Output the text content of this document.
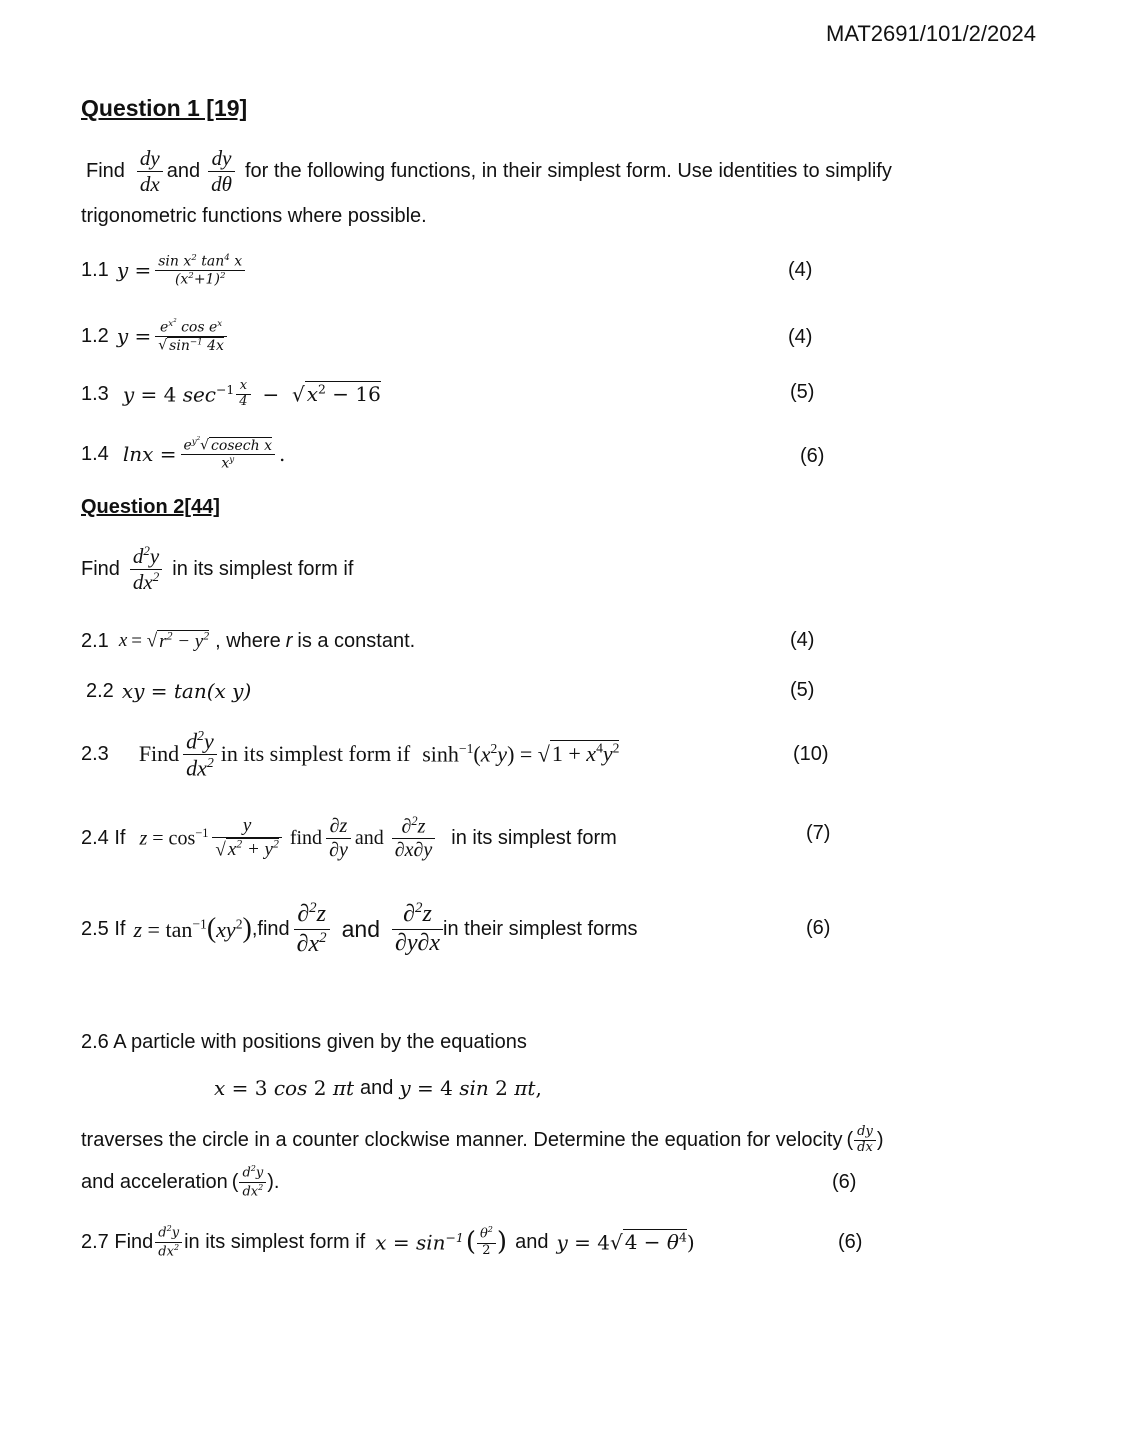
MAT2691/101/2/2024
Question 1 [19]
Find $\frac{dy}{dx}$ and $\frac{dy}{d\theta}$ for the following functions, in their simplest form. Use identities to simplify
trigonometric functions where possible.
1.1 $y = \frac{\sin x^2 \tan^4 x}{(x^2+1)^2}$	(4)
1.2 $y = \frac{e^{x^2} \cos e^x}{√ \sin^{-1} 4x}$	(4)
1.3 y = 4 $\sec^{-1} \frac{x}{4}$ −  √ $x^2 - 16$	(5)
1.4 $\ln x = \frac{e^{y^2}√ cosech x}{x^y}$ .	(6)
Question 2[44]
Find $\frac{d^2y}{dx^2}$ in its simplest form if
2.1 x = √ $r^2 - y^2$ , where r is a constant.	(4)
2.2 xy = tan(x y)	(5)
2.3 Find $\frac{d^2y}{dx^2}$ in its simplest form if $\sinh^{-1}(x^2y) = √1 + x^4y^2$	(10)
2.4 If $z = \cos^{-1} \frac{y}{√ x^2 + y^2}$ find $\frac{\partial z}{\partial y}$ and $\frac{\partial^2z}{\partial x\partial y}$ in its simplest form	(7)
2.5 If $z = \tan^{-1}(xy^2)$ ,find $\frac{\partial^2z}{\partial x^2}$ and $\frac{\partial^2z}{\partial y\partial x}$ in their simplest forms	(6)
2.6 A particle with positions given by the equations
x = 3 cos 2 πt and y = 4 sin 2 πt,
traverses the circle in a counter clockwise manner. Determine the equation for velocity ( $\frac{dy}{dx}$ )
and acceleration ( $\frac{d^2y}{dx^2}$ ).	(6)
2.7 Find $\frac{d^2y}{dx^2}$ in its simplest form if $x = \sin^{-1}$ ( $\frac{\theta^2}{2}$ ) and y = 4√ $4 - \theta^4$)	(6)
